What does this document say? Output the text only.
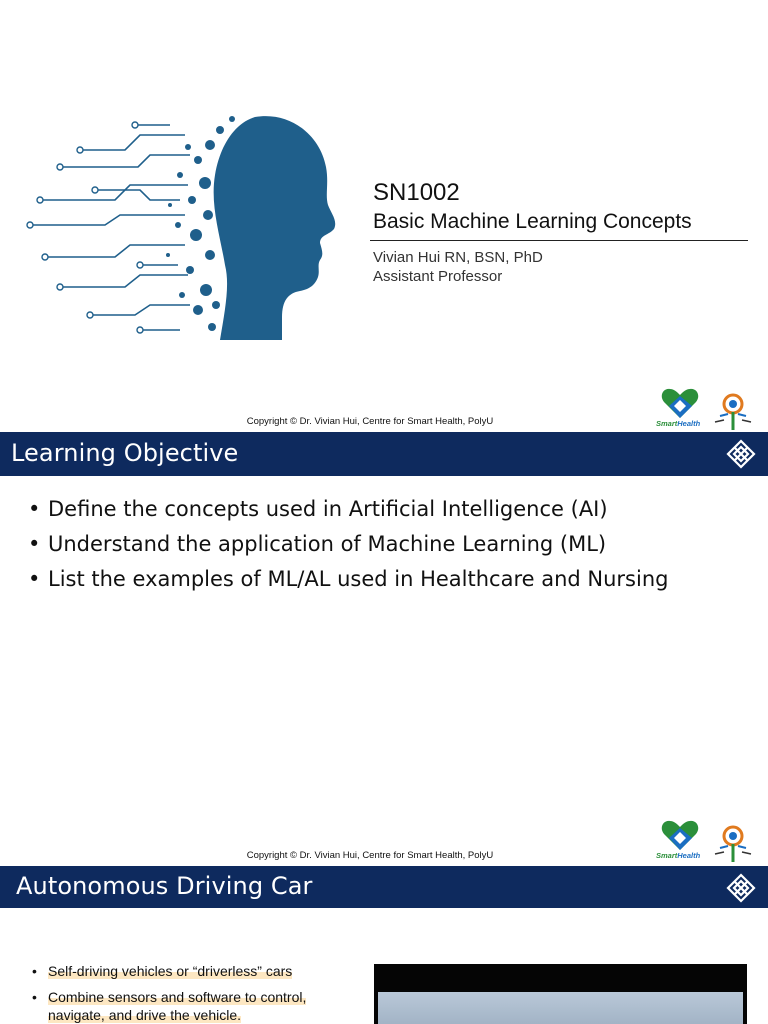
SN1002
Basic Machine Learning Concepts
Vivian Hui RN, BSN, PhD
Assistant Professor
Copyright © Dr. Vivian Hui, Centre for Smart Health, PolyU	SmartHealth
Learning Objective
• Define the concepts used in Artificial Intelligence (AI)
• Understand the application of Machine Learning (ML)
• List the examples of ML/AL used in Healthcare and Nursing
Copyright © Dr. Vivian Hui, Centre for Smart Health, PolyU	SmartHealth
Autonomous Driving Car
• Self-driving vehicles or “driverless” cars
• Combine sensors and software to control, navigate, and drive the vehicle.
